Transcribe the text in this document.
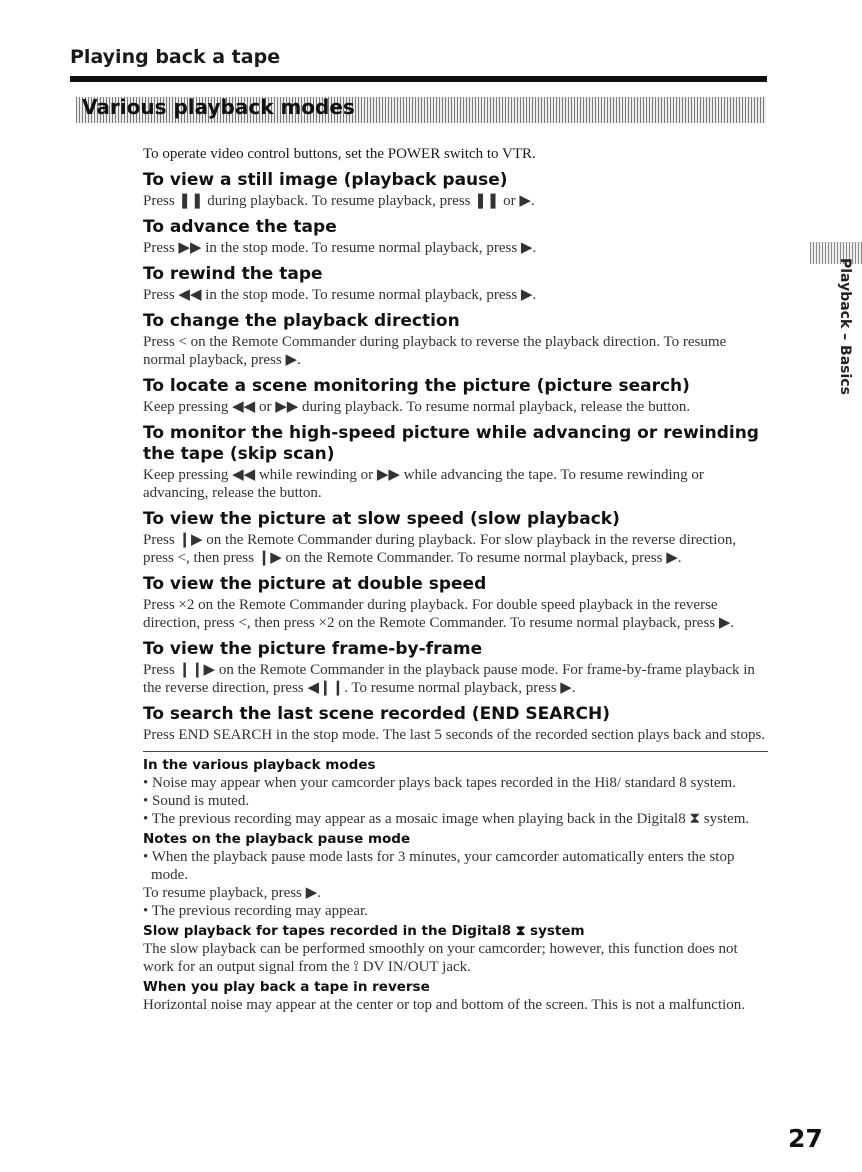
Playing back a tape
Various playback modes
Playback – Basics

To operate video control buttons, set the POWER switch to VTR.

To view a still image (playback pause)

Press ❚❚ during playback. To resume playback, press ❚❚ or ▶.

To advance the tape

Press ▶▶ in the stop mode. To resume normal playback, press ▶.

To rewind the tape

Press ◀◀ in the stop mode. To resume normal playback, press ▶.

To change the playback direction

Press < on the Remote Commander during playback to reverse the playback direction. To resume normal playback, press ▶.

To locate a scene monitoring the picture (picture search)

Keep pressing ◀◀ or ▶▶ during playback. To resume normal playback, release the button.

To monitor the high-speed picture while advancing or rewinding the tape (skip scan)

Keep pressing ◀◀ while rewinding or ▶▶ while advancing the tape. To resume rewinding or advancing, release the button.

To view the picture at slow speed (slow playback)

Press ❙▶ on the Remote Commander during playback. For slow playback in the reverse direction, press <, then press ❙▶ on the Remote Commander. To resume normal playback, press ▶.

To view the picture at double speed

Press ×2 on the Remote Commander during playback. For double speed playback in the reverse direction, press <, then press ×2 on the Remote Commander. To resume normal playback, press ▶.

To view the picture frame-by-frame

Press ❙❙▶ on the Remote Commander in the playback pause mode. For frame-by-frame playback in the reverse direction, press ◀❙❙. To resume normal playback, press ▶.

To search the last scene recorded (END SEARCH)

Press END SEARCH in the stop mode. The last 5 seconds of the recorded section plays back and stops.

In the various playback modes
• Noise may appear when your camcorder plays back tapes recorded in the Hi8/ standard 8 system.
• Sound is muted.
• The previous recording may appear as a mosaic image when playing back in the Digital8 ⧗ system.
Notes on the playback pause mode
• When the playback pause mode lasts for 3 minutes, your camcorder automatically enters the stop mode.
To resume playback, press ▶.
• The previous recording may appear.
Slow playback for tapes recorded in the Digital8 ⧗ system

The slow playback can be performed smoothly on your camcorder; however, this function does not work for an output signal from the ⟟ DV IN/OUT jack.

When you play back a tape in reverse

Horizontal noise may appear at the center or top and bottom of the screen. This is not a malfunction.

27
